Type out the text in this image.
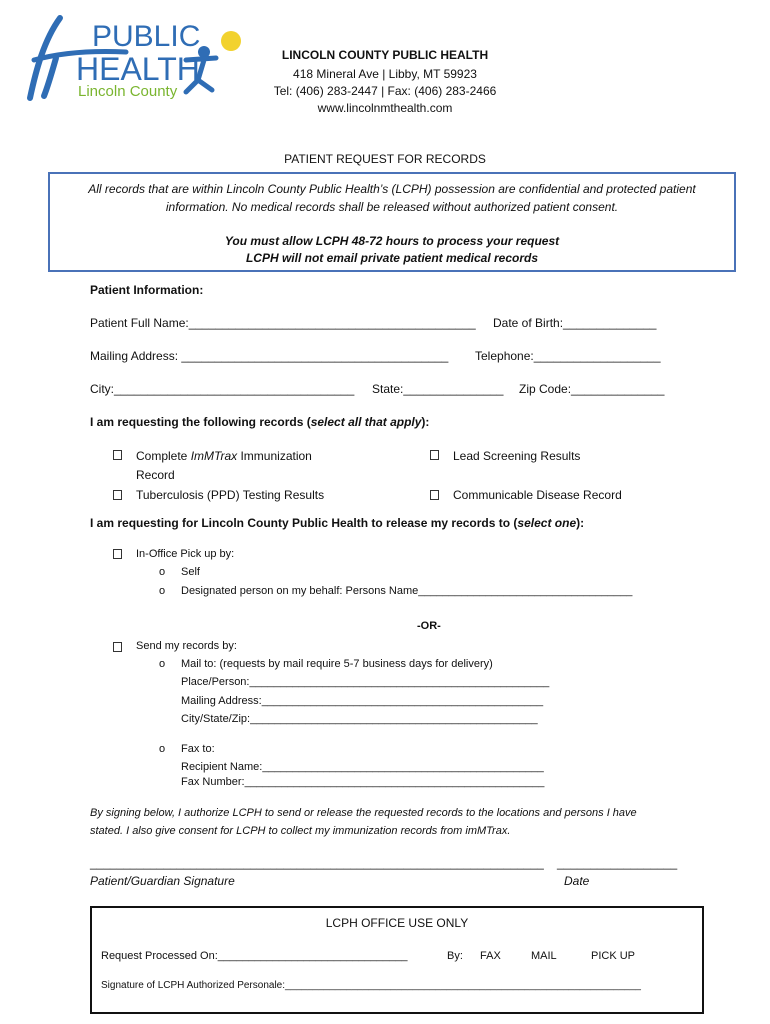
PUBLIC
HEALTH
Lincoln County
LINCOLN COUNTY PUBLIC HEALTH
418 Mineral Ave | Libby, MT 59923
Tel: (406) 283-2447 | Fax: (406) 283-2466
www.lincolnmthealth.com
PATIENT REQUEST FOR RECORDS
All records that are within Lincoln County Public Health’s (LCPH) possession are confidential and protected patient
information. No medical records shall be released without authorized patient consent.
You must allow LCPH 48-72 hours to process your request
LCPH will not email private patient medical records
Patient Information:
Patient Full Name:___________________________________________ Date of Birth:______________
Mailing Address: ________________________________________ Telephone:___________________
City:____________________________________ State:_______________ Zip Code:______________
I am requesting the following records (select all that apply):
Complete ImMTrax Immunization
Record
Tuberculosis (PPD) Testing Results
Lead Screening Results
Communicable Disease Record
I am requesting for Lincoln County Public Health to release my records to (select one):
In-Office Pick up by:
o Self
o Designated person on my behalf: Persons Name___________________________________
-OR-
Send my records by:
o Mail to: (requests by mail require 5-7 business days for delivery)
Place/Person:_________________________________________________
Mailing Address:______________________________________________
City/State/Zip:_______________________________________________
o Fax to:
Recipient Name:______________________________________________
Fax Number:_________________________________________________
By signing below, I authorize LCPH to send or release the requested records to the locations and persons I have
stated. I also give consent for LCPH to collect my immunization records from imMTrax.
____________________________________________________________________ __________________
Patient/Guardian Signature	Date
LCPH OFFICE USE ONLY
Request Processed On:_______________________________	By: FAX	MAIL	PICK UP
Signature of LCPH Authorized Personale:________________________________________________________________
